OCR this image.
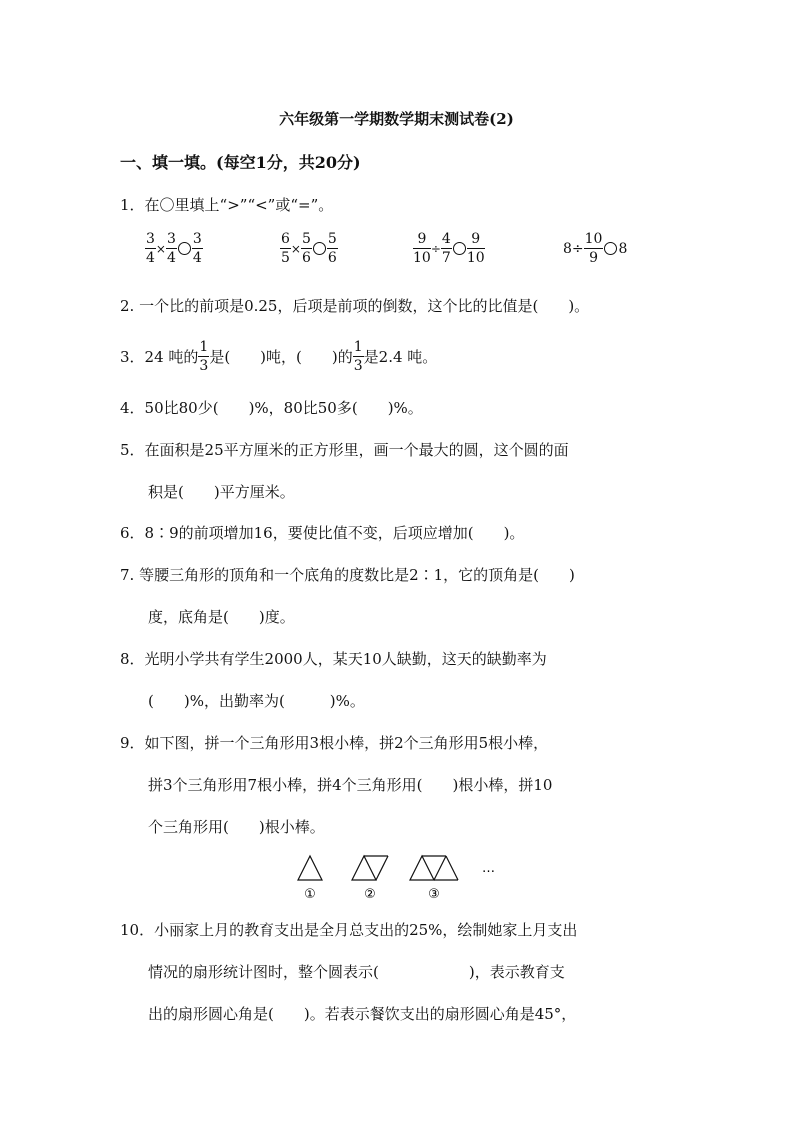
六年级第一学期数学期末测试卷(2)
一、填一填。(每空1分，共20分)
1．在〇里填上“>”“<”或“=”。
$\frac{3}{4} \times \frac{3}{4} \frac{3}{4}$	$\frac{6}{5} \times \frac{5}{6} \frac{5}{6}$	$\frac{9}{10} \div \frac{4}{7} \frac{9}{10}$	$8\div \frac{10}{9} 8$
2. 一个比的前项是0.25，后项是前项的倒数，这个比的比值是(　　)。
3．24 吨的 $\frac{1}{3}$ 是(　　)吨，(　　)的 $\frac{1}{3}$ 是2.4 吨。
4．50比80少(　　)%，80比50多(　　)%。
5．在面积是25平方厘米的正方形里，画一个最大的圆，这个圆的面
积是(　　)平方厘米。
6．8∶9的前项增加16，要使比值不变，后项应增加(　　)。
7. 等腰三角形的顶角和一个底角的度数比是2∶1，它的顶角是(　　)
度，底角是(　　)度。
8．光明小学共有学生2000人，某天10人缺勤，这天的缺勤率为
(　　)%，出勤率为(　　　)%。
9．如下图，拼一个三角形用3根小棒，拼2个三角形用5根小棒，
拼3个三角形用7根小棒，拼4个三角形用(　　)根小棒，拼10
个三角形用(　　)根小棒。
①	②	③
…
10．小丽家上月的教育支出是全月总支出的25%，绘制她家上月支出
情况的扇形统计图时，整个圆表示(　　　　　　)，表示教育支
出的扇形圆心角是(　　)。若表示餐饮支出的扇形圆心角是45°，
